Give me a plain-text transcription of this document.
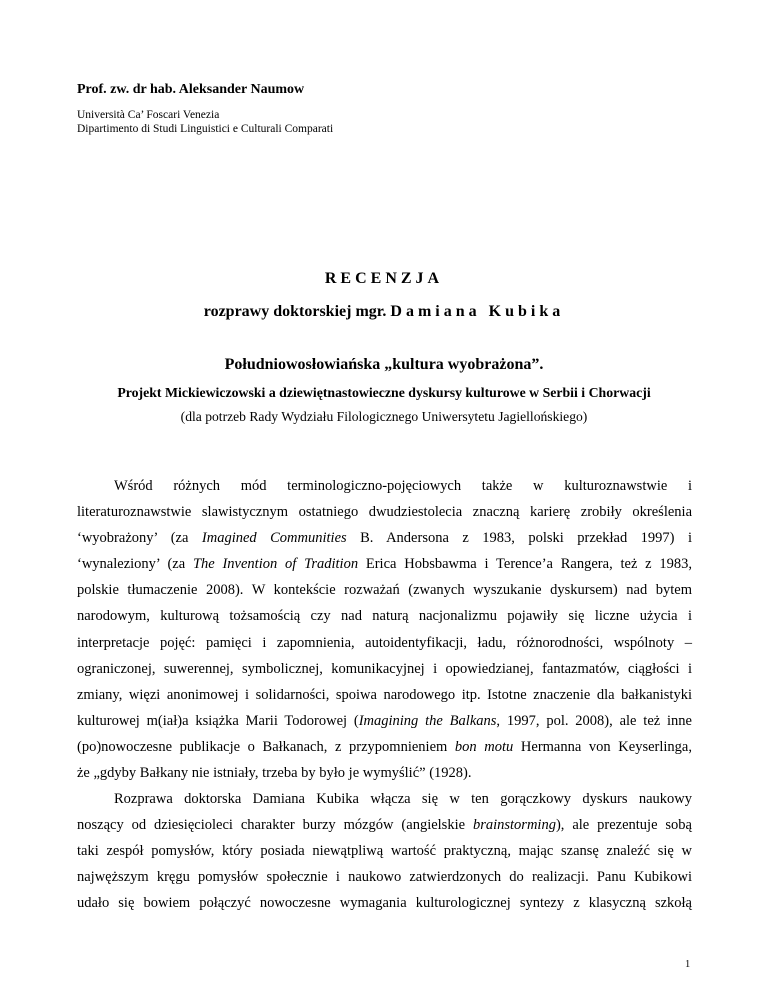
Prof. zw. dr hab. Aleksander Naumow
Università Ca’ Foscari Venezia
Dipartimento di Studi Linguistici e Culturali Comparati
RECENZJA
rozprawy doktorskiej mgr. Damiana Kubika
Południowosłowiańska „kultura wyobrażona”.
Projekt Mickiewiczowski a dziewiętnastowieczne dyskursy kulturowe w Serbii i Chorwacji
(dla potrzeb Rady Wydziału Filologicznego Uniwersytetu Jagiellońskiego)
Wśród różnych mód terminologiczno-pojęciowych także w kulturoznawstwie i
literaturoznawstwie slawistycznym ostatniego dwudziestolecia znaczną karierę zrobiły określenia
‘wyobrażony’ (za Imagined Communities B. Andersona z 1983, polski przekład 1997) i
‘wynaleziony’ (za The Invention of Tradition Erica Hobsbawma i Terence’a Rangera, też z 1983,
polskie tłumaczenie 2008). W kontekście rozważań (zwanych wyszukanie dyskursem) nad bytem
narodowym, kulturową tożsamością czy nad naturą nacjonalizmu pojawiły się liczne użycia i
interpretacje pojęć: pamięci i zapomnienia, autoidentyfikacji, ładu, różnorodności, wspólnoty –
ograniczonej, suwerennej, symbolicznej, komunikacyjnej i opowiedzianej, fantazmatów, ciągłości i
zmiany, więzi anonimowej i solidarności, spoiwa narodowego itp. Istotne znaczenie dla bałkanistyki
kulturowej m(iał)a książka Marii Todorowej (Imagining the Balkans, 1997, pol. 2008), ale też inne
(po)nowoczesne publikacje o Bałkanach, z przypomnieniem bon motu Hermanna von Keyserlinga,
że „gdyby Bałkany nie istniały, trzeba by było je wymyślić” (1928).
Rozprawa doktorska Damiana Kubika włącza się w ten gorączkowy dyskurs naukowy
noszący od dziesięcioleci charakter burzy mózgów (angielskie brainstorming), ale prezentuje sobą
taki zespół pomysłów, który posiada niewątpliwą wartość praktyczną, mając szansę znaleźć się w
najwęższym kręgu pomysłów społecznie i naukowo zatwierdzonych do realizacji. Panu Kubikowi
udało się bowiem połączyć nowoczesne wymagania kulturologicznej syntezy z klasyczną szkołą
1
